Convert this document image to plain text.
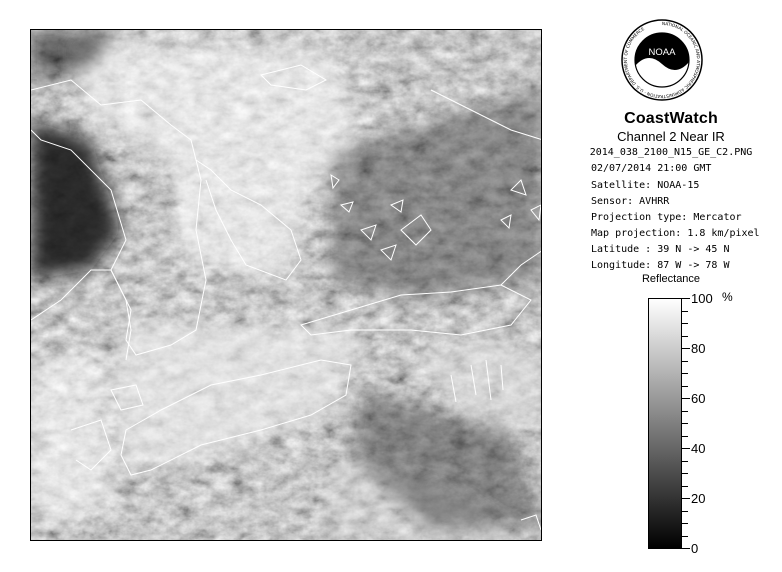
NATIONAL OCEANIC AND ATMOSPHERIC ADMINISTRATION · U.S. DEPARTMENT OF COMMERCE
NOAA
CoastWatch
Channel 2 Near IR
2014_038_2100_N15_GE_C2.PNG
02/07/2014 21:00 GMT
Satellite: NOAA-15
Sensor: AVHRR
Projection type: Mercator
Map projection: 1.8 km/pixel
Latitude : 39 N -> 45 N
Longitude: 87 W -> 78 W
Reflectance
%
100
80
60
40
20
0
